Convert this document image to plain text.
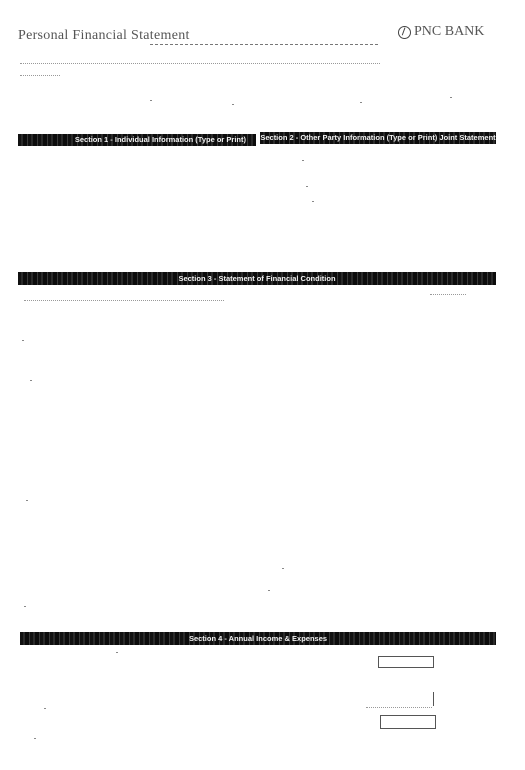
Personal Financial Statement	PNC BANK
Section 1 - Individual Information (Type or Print)	Section 2 - Other Party Information (Type or Print) Joint Statement
Section 3 - Statement of Financial Condition
Section 4 - Annual Income & Expenses
